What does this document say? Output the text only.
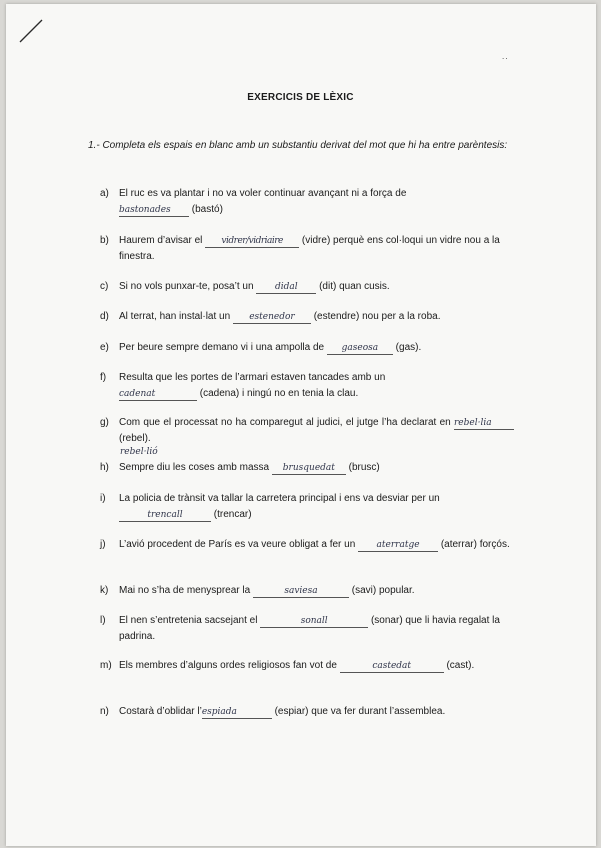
..
EXERCICIS DE LÈXIC
1.- Completa els espais en blanc amb un substantiu derivat del mot que hi ha entre parèntesis:
a)	El ruc es va plantar i no va voler continuar avançant ni a força de
bastonades (bastó)
b)	Haurem d’avisar el vidrer/vidriaire (vidre) perquè ens col·loqui un vidre nou a la finestra.
c)	Si no vols punxar-te, posa’t un didal (dit) quan cusis.
d)	Al terrat, han instal·lat un estenedor (estendre) nou per a la roba.
e)	Per beure sempre demano vi i una ampolla de gaseosa (gas).
f)	Resulta que les portes de l’armari estaven tancades amb un
cadenat	(cadena) i ningú no en tenia la clau.
g)	Com que el processat no ha comparegut al judici, el jutge l’ha declarat en rebel·lia (rebel).
rebel·lió
h)	Sempre diu les coses amb massa brusquedat (brusc)
i)	La policia de trànsit va tallar la carretera principal i ens va desviar per un trencall	(trencar)
j)	L’avió procedent de París es va veure obligat a fer un aterratge (aterrar) forçós.
k)	Mai no s’ha de menysprear la	saviesa	(savi) popular.
l)	El nen s’entretenia sacsejant el	sonall	(sonar) que li havia regalat la padrina.
m) Els membres d’alguns ordes religiosos fan vot de	castedat	(cast).
n)	Costarà d’oblidar l’espiada	(espiar) que va fer durant l’assemblea.
